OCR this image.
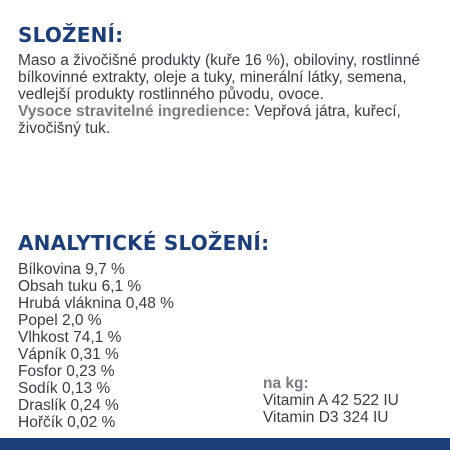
SLOŽENÍ:

Maso a živočišné produkty (kuře 16 %), obiloviny, rostlinné bílkovinné extrakty, oleje a tuky, minerální látky, semena, vedlejší produkty rostlinného původu, ovoce.
Vysoce stravitelné ingredience: Vepřová játra, kuřecí, živočišný tuk.

ANALYTICKÉ SLOŽENÍ:
Bílkovina 9,7 %
Obsah tuku 6,1 %
Hrubá vláknina 0,48 %
Popel 2,0 %
Vlhkost 74,1 %
Vápník 0,31 %
Fosfor 0,23 %
Sodík 0,13 %
Draslík 0,24 %
Hořčík 0,02 %
na kg:
Vitamin A 42 522 IU
Vitamin D3 324 IU
